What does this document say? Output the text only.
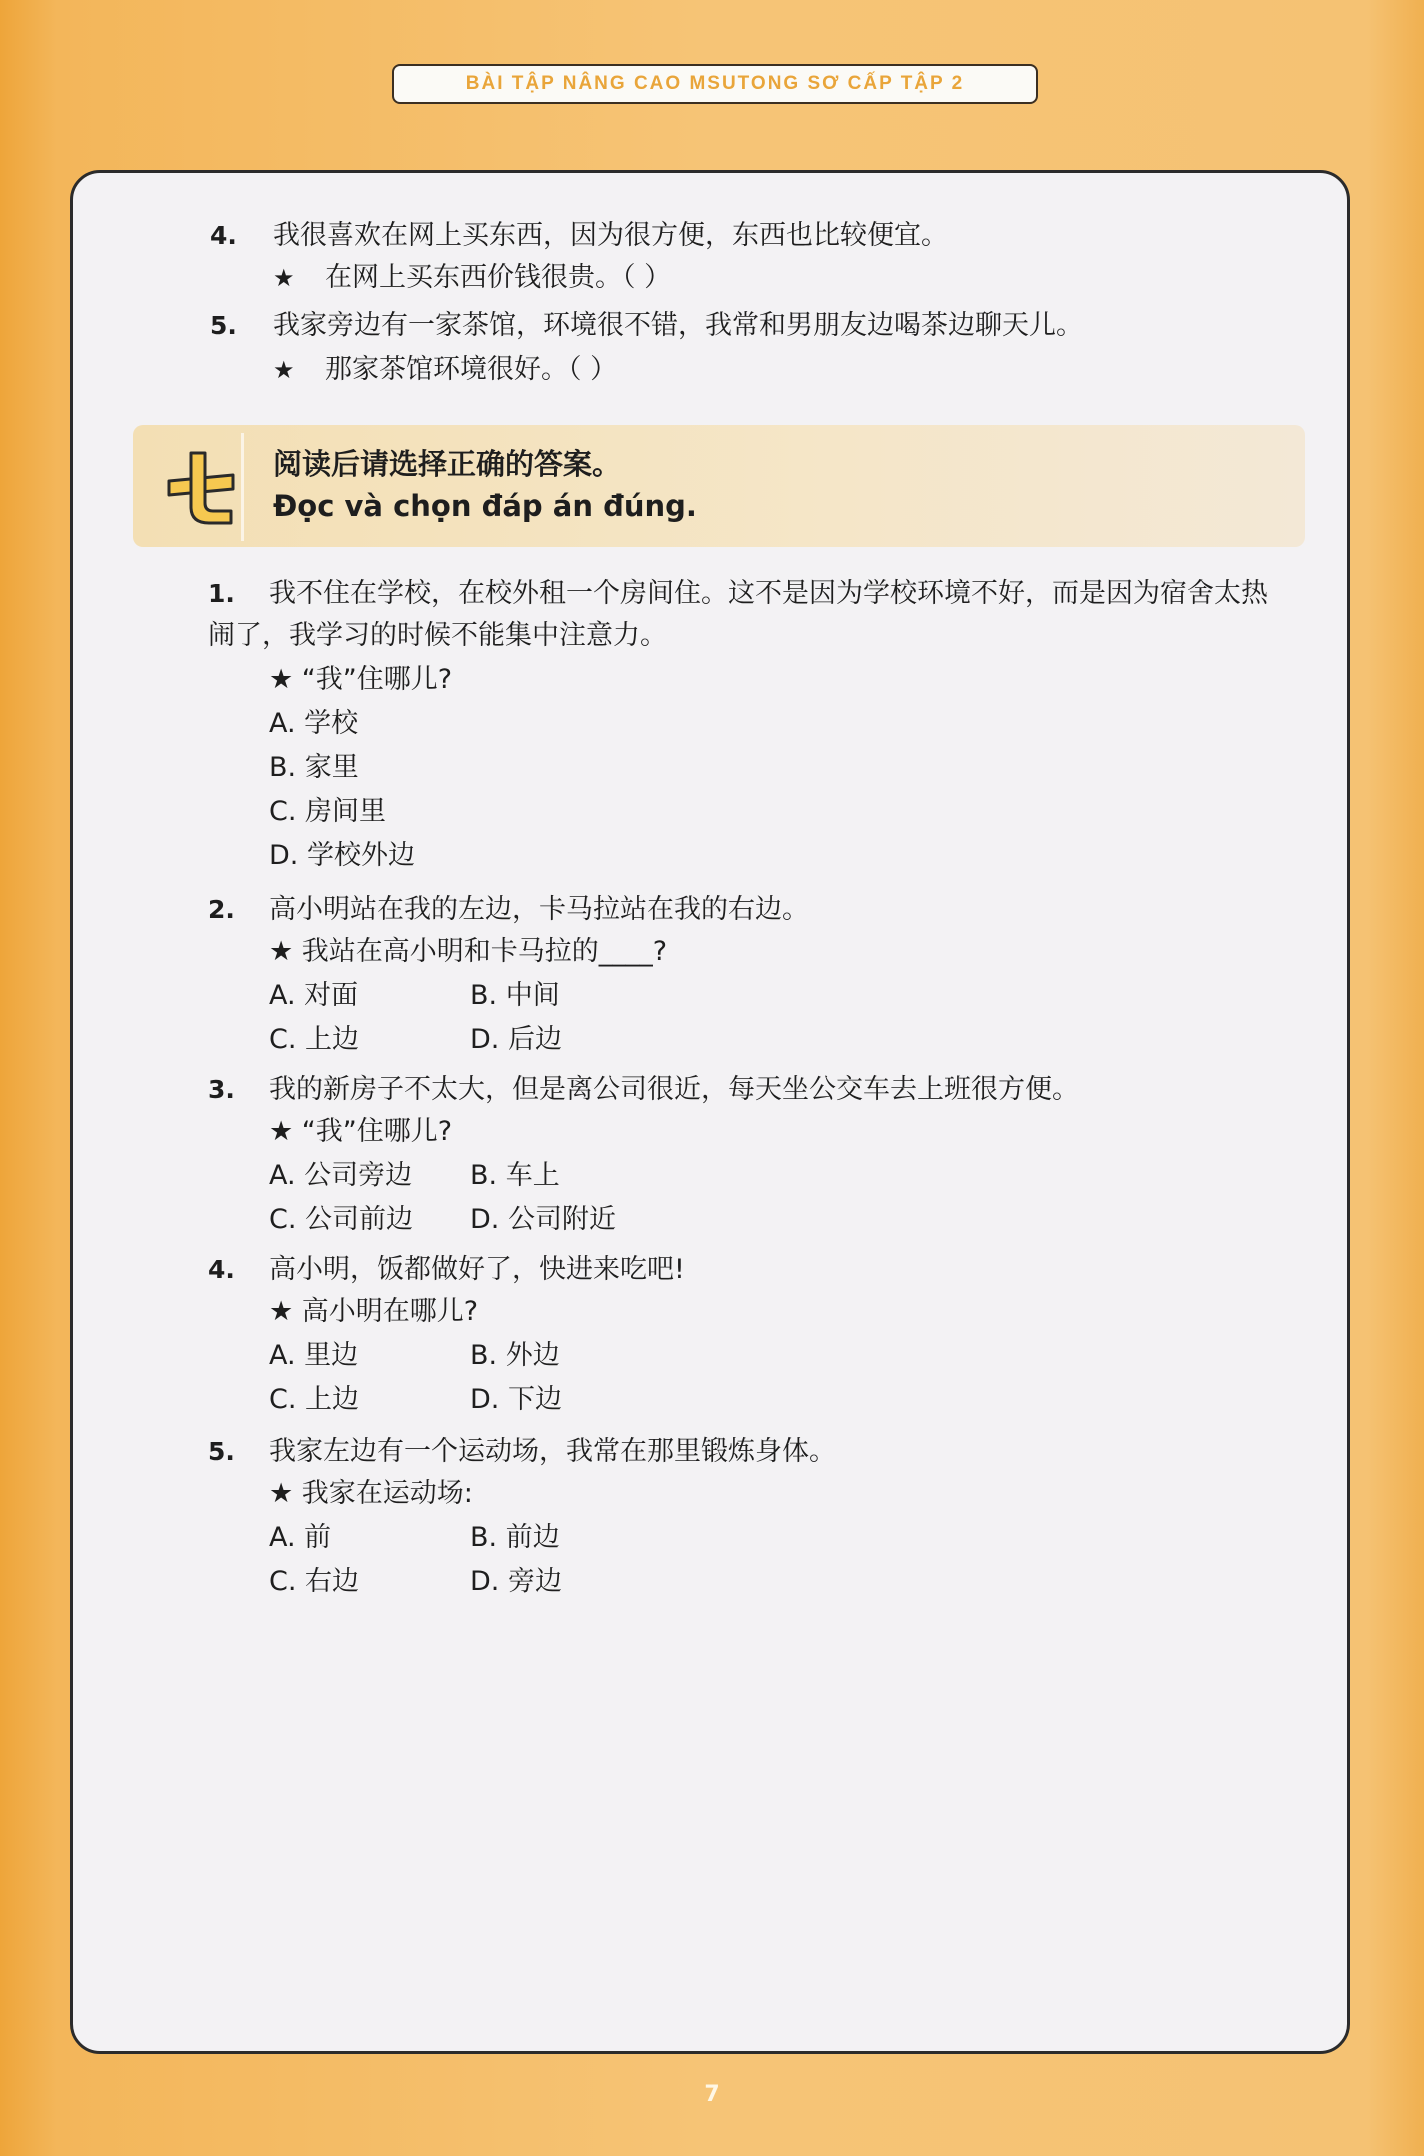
BÀI TẬP NÂNG CAO MSUTONG SƠ CẤP TẬP 2
4. 我很喜欢在网上买东西，因为很方便，东西也比较便宜。
★ 在网上买东西价钱很贵。（ ）
5. 我家旁边有一家茶馆，环境很不错，我常和男朋友边喝茶边聊天儿。
★ 那家茶馆环境很好。（ ）
阅读后请选择正确的答案。
Đọc và chọn đáp án đúng.
1. 我不住在学校，在校外租一个房间住。这不是因为学校环境不好，而是因为宿舍太热
闹了，我学习的时候不能集中注意力。
★ “我”住哪儿?
A. 学校
B. 家里
C. 房间里
D. 学校外边
2. 高小明站在我的左边，卡马拉站在我的右边。
★ 我站在高小明和卡马拉的____?
A. 对面	B. 中间
C. 上边	D. 后边
3. 我的新房子不太大，但是离公司很近，每天坐公交车去上班很方便。
★ “我”住哪儿?
A. 公司旁边 B. 车上
C. 公司前边 D. 公司附近
4. 高小明，饭都做好了，快进来吃吧!
★ 高小明在哪儿?
A. 里边	B. 外边
C. 上边	D. 下边
5. 我家左边有一个运动场，我常在那里锻炼身体。
★ 我家在运动场:
A. 前	B. 前边
C. 右边	D. 旁边
7
